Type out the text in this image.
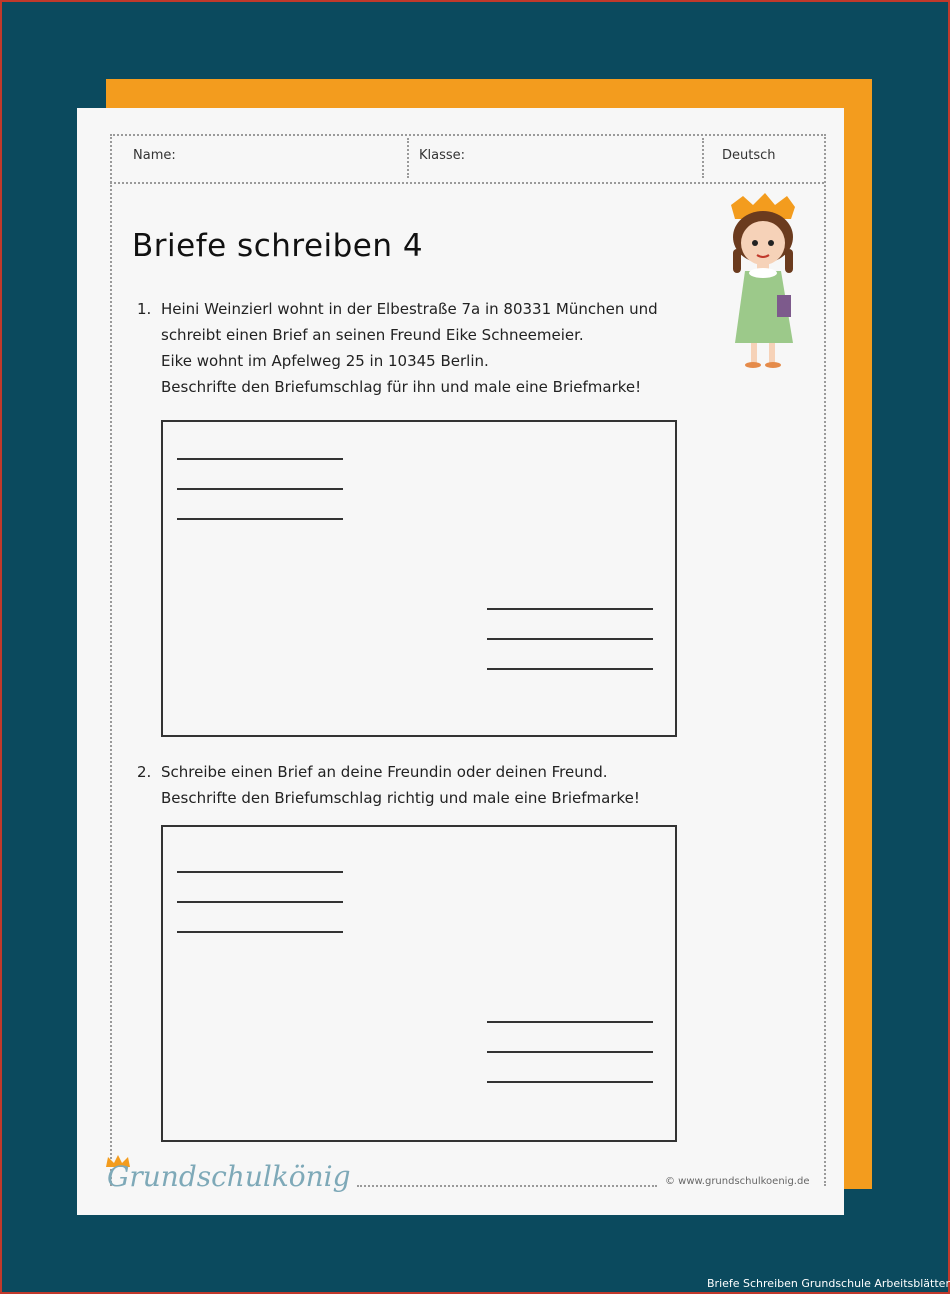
Name:	Klasse:	Deutsch
Briefe schreiben 4
1. Heini Weinzierl wohnt in der Elbestraße 7a in 80331 München und
schreibt einen Brief an seinen Freund Eike Schneemeier.
Eike wohnt im Apfelweg 25 in 10345 Berlin.
Beschrifte den Briefumschlag für ihn und male eine Briefmarke!
2. Schreibe einen Brief an deine Freundin oder deinen Freund.
Beschrifte den Briefumschlag richtig und male eine Briefmarke!
Grundschulkönig	© www.grundschulkoenig.de
Briefe Schreiben Grundschule Arbeitsblätter
